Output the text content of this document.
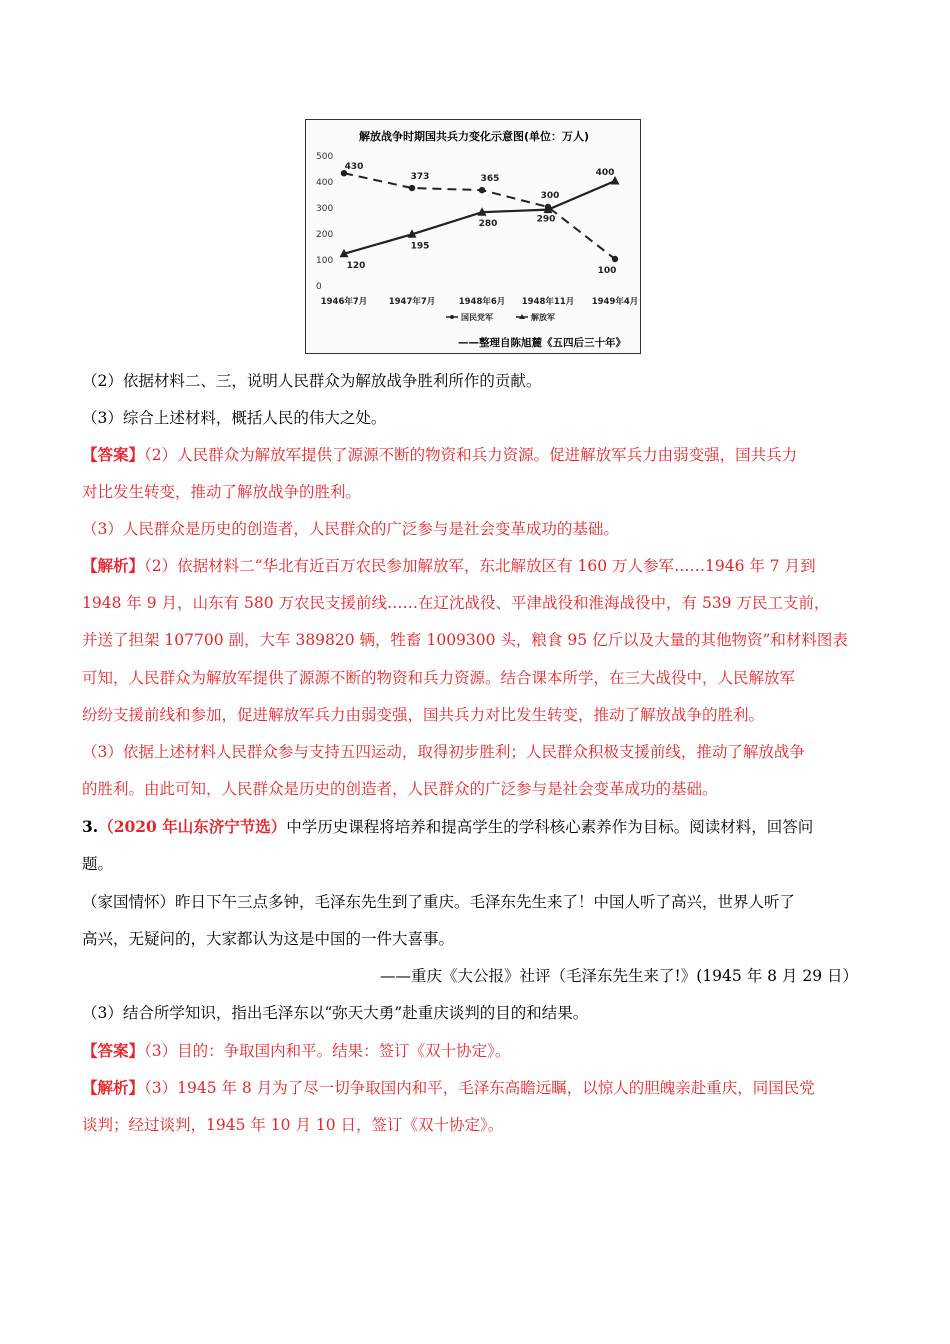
解放战争时期国共兵力变化示意图(单位：万人)
0
100
200
300
400
500
1946年7月	1947年7月	1948年6月 1948年11月 1949年4月
430
373	365
300
100
120
195
280	290
400
国民党军	解放军
——整理自陈旭麓《五四后三十年》
（2）依据材料二、三，说明人民群众为解放战争胜利所作的贡献。
（3）综合上述材料，概括人民的伟大之处。
【答案】（2）人民群众为解放军提供了源源不断的物资和兵力资源。促进解放军兵力由弱变强，国共兵力
对比发生转变，推动了解放战争的胜利。
（3）人民群众是历史的创造者，人民群众的广泛参与是社会变革成功的基础。
【解析】（2）依据材料二“华北有近百万农民参加解放军，东北解放区有 160 万人参军……1946 年 7 月到
1948 年 9 月，山东有 580 万农民支援前线……在辽沈战役、平津战役和淮海战役中，有 539 万民工支前，
并送了担架 107700 副，大车 389820 辆，牲畜 1009300 头，粮食 95 亿斤以及大量的其他物资”和材料图表
可知，人民群众为解放军提供了源源不断的物资和兵力资源。结合课本所学，在三大战役中，人民解放军
纷纷支援前线和参加，促进解放军兵力由弱变强，国共兵力对比发生转变，推动了解放战争的胜利。
（3）依据上述材料人民群众参与支持五四运动，取得初步胜利；人民群众积极支援前线，推动了解放战争
的胜利。由此可知，人民群众是历史的创造者，人民群众的广泛参与是社会变革成功的基础。
3.（2020 年山东济宁节选）中学历史课程将培养和提高学生的学科核心素养作为目标。阅读材料，回答问
题。
（家国情怀）昨日下午三点多钟，毛泽东先生到了重庆。毛泽东先生来了！中国人听了高兴，世界人听了
高兴，无疑问的，大家都认为这是中国的一件大喜事。
——重庆《大公报》社评（毛泽东先生来了!》(1945 年 8 月 29 日）
（3）结合所学知识，指出毛泽东以“弥天大勇”赴重庆谈判的目的和结果。
【答案】（3）目的：争取国内和平。结果：签订《双十协定》。
【解析】（3）1945 年 8 月为了尽一切争取国内和平，毛泽东高瞻远瞩，以惊人的胆魄亲赴重庆，同国民党
谈判；经过谈判，1945 年 10 月 10 日，签订《双十协定》。
